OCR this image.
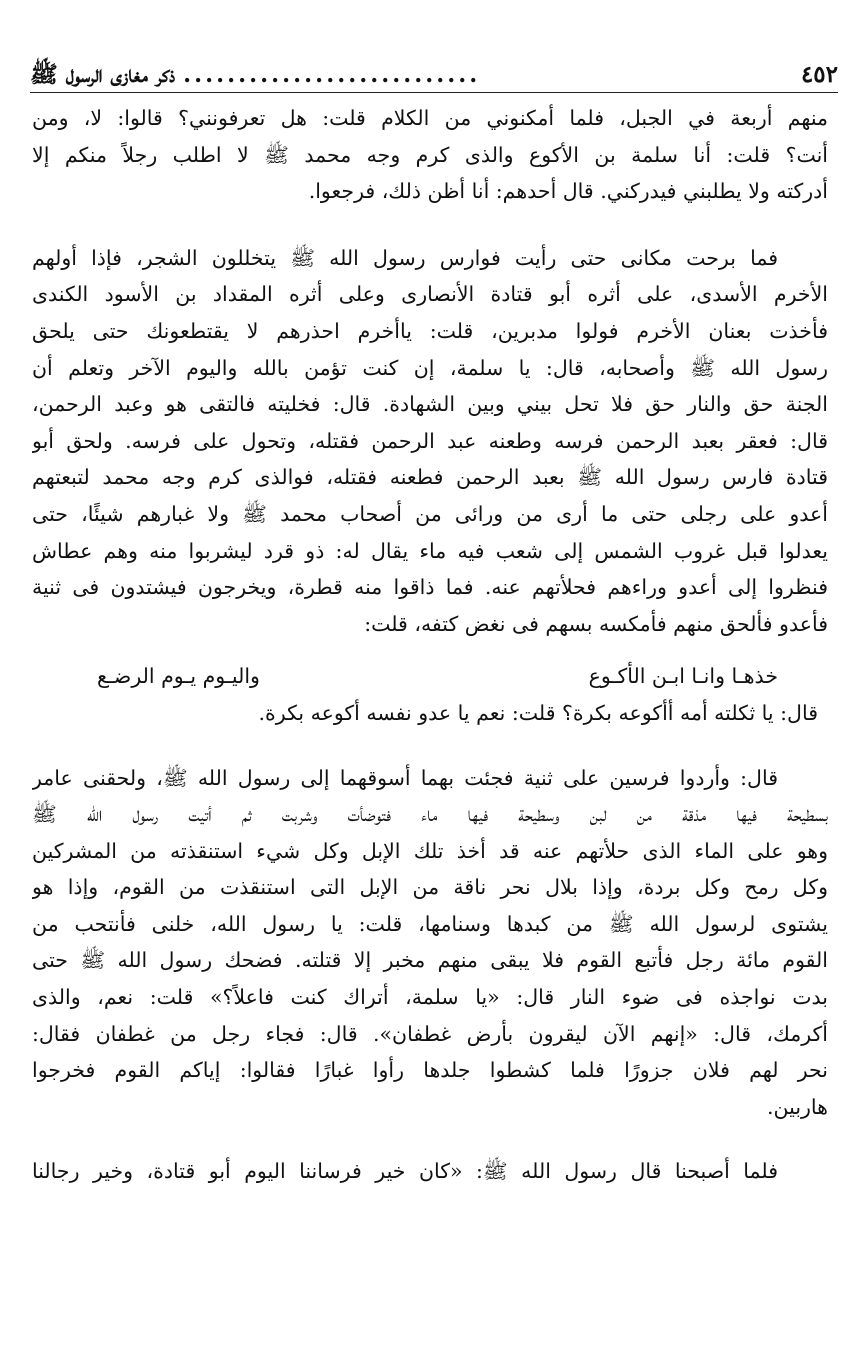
٤٥٢
...........................
ذكر مغازى الرسول ﷺ
منهم أربعة في الجبل، فلما أمكنوني من الكلام قلت: هل تعرفونني؟ قالوا: لا، ومن
أنت؟ قلت: أنا سلمة بن الأكوع والذى كرم وجه محمد ﷺ لا اطلب رجلاً منكم إلا
أدركته ولا يطلبني فيدركني. قال أحدهم: أنا أظن ذلك، فرجعوا.
فما برحت مكانى حتى رأيت فوارس رسول الله ﷺ يتخللون الشجر، فإذا أولهم
الأخرم الأسدى، على أثره أبو قتادة الأنصارى وعلى أثره المقداد بن الأسود الكندى
فأخذت بعنان الأخرم فولوا مدبرين، قلت: ياأخرم احذرهم لا يقتطعونك حتى يلحق
رسول الله ﷺ وأصحابه، قال: يا سلمة، إن كنت تؤمن بالله واليوم الآخر وتعلم أن
الجنة حق والنار حق فلا تحل بيني وبين الشهادة. قال: فخليته فالتقى هو وعبد الرحمن،
قال: فعقر بعبد الرحمن فرسه وطعنه عبد الرحمن فقتله، وتحول على فرسه. ولحق أبو
قتادة فارس رسول الله ﷺ بعبد الرحمن فطعنه فقتله، فوالذى كرم وجه محمد لتبعتهم
أعدو على رجلى حتى ما أرى من ورائى من أصحاب محمد ﷺ ولا غبارهم شيئًا، حتى
يعدلوا قبل غروب الشمس إلى شعب فيه ماء يقال له: ذو قرد ليشربوا منه وهم عطاش
فنظروا إلى أعدو وراءهم فحلأتهم عنه. فما ذاقوا منه قطرة، ويخرجون فيشتدون فى ثنية
فأعدو فألحق منهم فأمكسه بسهم فى نغض كتفه، قلت:
خذهـا وانـا ابـن الأكـوع
واليـوم يـوم الرضـع
قال: يا ثكلته أمه أأكوعه بكرة؟ قلت: نعم يا عدو نفسه أكوعه بكرة.
قال: وأردوا فرسين على ثنية فجئت بهما أسوقهما إلى رسول الله ﷺ، ولحقنى عامر
بسطيحة فيها مذقة من لبن وسطيحة فيها ماء فتوضأت وشربت ثم أتيت رسول الله ﷺ
وهو على الماء الذى حلأتهم عنه قد أخذ تلك الإبل وكل شيء استنقذته من المشركين
وكل رمح وكل بردة، وإذا بلال نحر ناقة من الإبل التى استنقذت من القوم، وإذا هو
يشتوى لرسول الله ﷺ من كبدها وسنامها، قلت: يا رسول الله، خلنى فأنتحب من
القوم مائة رجل فأتبع القوم فلا يبقى منهم مخبر إلا قتلته. فضحك رسول الله ﷺ حتى
بدت نواجذه فى ضوء النار قال: «يا سلمة، أتراك كنت فاعلاً؟» قلت: نعم، والذى
أكرمك، قال: «إنهم الآن ليقرون بأرض غطفان». قال: فجاء رجل من غطفان فقال:
نحر لهم فلان جزورًا فلما كشطوا جلدها رأوا غبارًا فقالوا: إياكم القوم فخرجوا
هاربين.
فلما أصبحنا قال رسول الله ﷺ: «كان خير فرساننا اليوم أبو قتادة، وخير رجالنا
